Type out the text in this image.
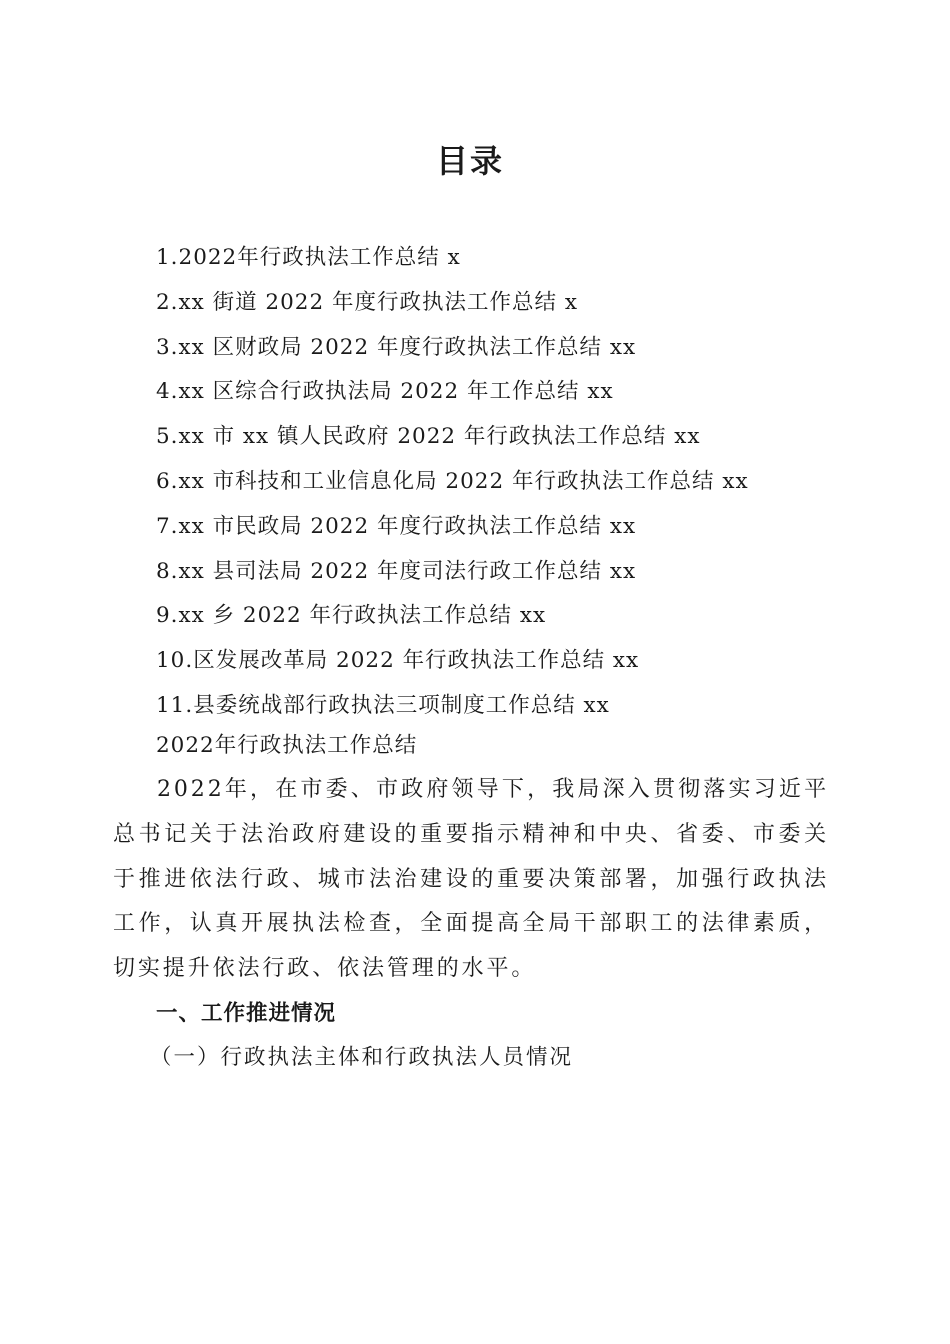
目录
1.2022年行政执法工作总结 x
2.xx 街道 2022 年度行政执法工作总结 x
3.xx 区财政局 2022 年度行政执法工作总结 xx
4.xx 区综合行政执法局 2022 年工作总结 xx
5.xx 市 xx 镇人民政府 2022 年行政执法工作总结 xx
6.xx 市科技和工业信息化局 2022 年行政执法工作总结 xx
7.xx 市民政局 2022 年度行政执法工作总结 xx
8.xx 县司法局 2022 年度司法行政工作总结 xx
9.xx 乡 2022 年行政执法工作总结 xx
10.区发展改革局 2022 年行政执法工作总结 xx
11.县委统战部行政执法三项制度工作总结 xx
2022年行政执法工作总结

2022年，在市委、市政府领导下，我局深入贯彻落实习近平总书记关于法治政府建设的重要指示精神和中央、省委、市委关于推进依法行政、城市法治建设的重要决策部署，加强行政执法工作，认真开展执法检查，全面提高全局干部职工的法律素质，切实提升依法行政、依法管理的水平。

一、工作推进情况
（一）行政执法主体和行政执法人员情况
